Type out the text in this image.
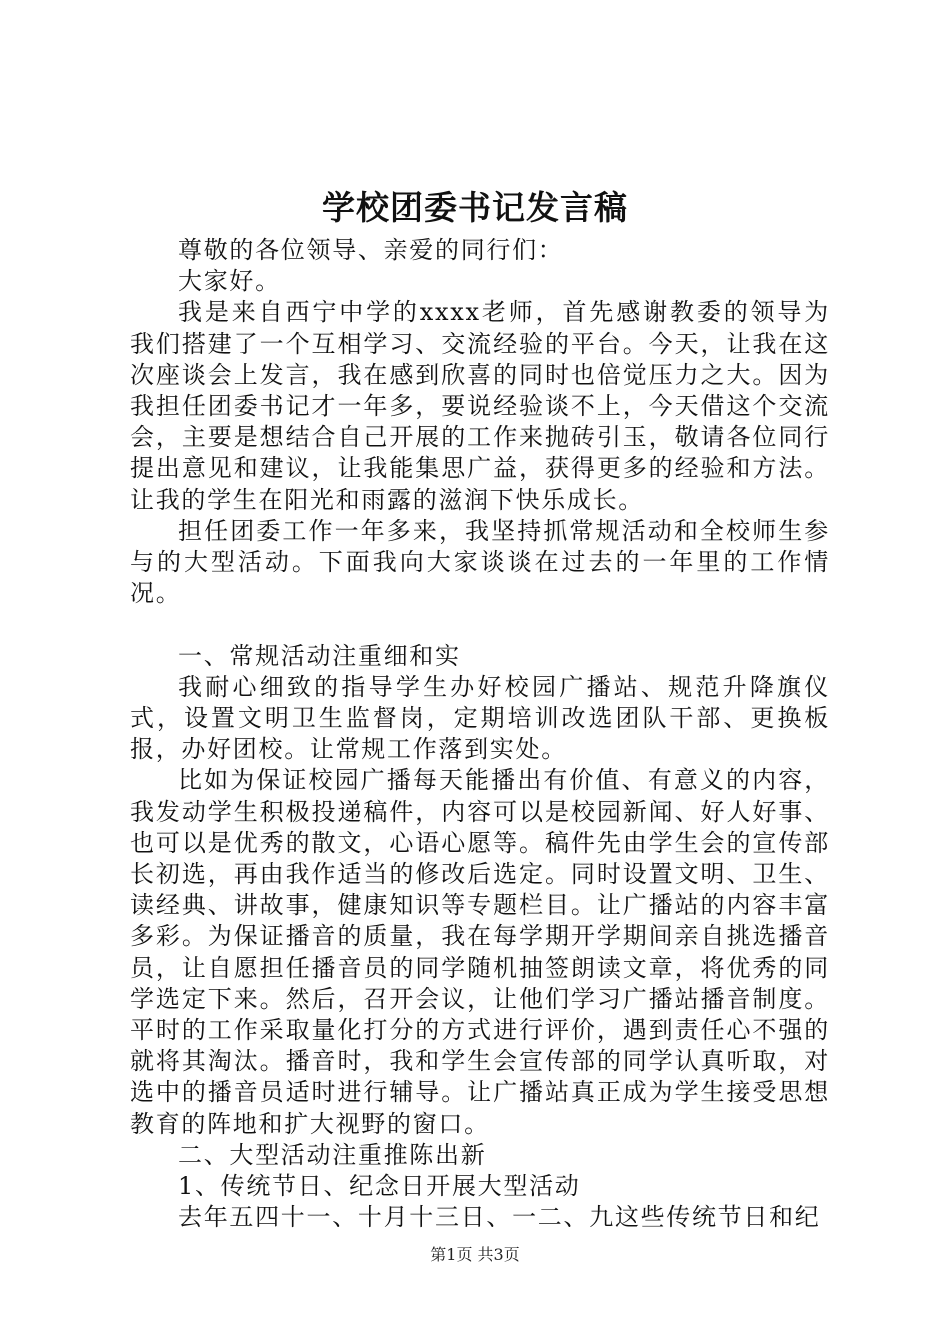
学校团委书记发言稿

尊敬的各位领导、亲爱的同行们：

大家好。

我是来自西宁中学的xxxx老师，首先感谢教委的领导为我们搭建了一个互相学习、交流经验的平台。今天，让我在这次座谈会上发言，我在感到欣喜的同时也倍觉压力之大。因为我担任团委书记才一年多，要说经验谈不上，今天借这个交流会，主要是想结合自己开展的工作来抛砖引玉，敬请各位同行提出意见和建议，让我能集思广益，获得更多的经验和方法。让我的学生在阳光和雨露的滋润下快乐成长。

担任团委工作一年多来，我坚持抓常规活动和全校师生参与的大型活动。下面我向大家谈谈在过去的一年里的工作情况。

一、常规活动注重细和实

我耐心细致的指导学生办好校园广播站、规范升降旗仪式，设置文明卫生监督岗，定期培训改选团队干部、更换板报，办好团校。让常规工作落到实处。

比如为保证校园广播每天能播出有价值、有意义的内容，我发动学生积极投递稿件，内容可以是校园新闻、好人好事、也可以是优秀的散文，心语心愿等。稿件先由学生会的宣传部长初选，再由我作适当的修改后选定。同时设置文明、卫生、读经典、讲故事，健康知识等专题栏目。让广播站的内容丰富多彩。为保证播音的质量，我在每学期开学期间亲自挑选播音员，让自愿担任播音员的同学随机抽签朗读文章，将优秀的同学选定下来。然后，召开会议，让他们学习广播站播音制度。平时的工作采取量化打分的方式进行评价，遇到责任心不强的就将其淘汰。播音时，我和学生会宣传部的同学认真听取，对选中的播音员适时进行辅导。让广播站真正成为学生接受思想教育的阵地和扩大视野的窗口。

二、大型活动注重推陈出新

1、传统节日、纪念日开展大型活动

去年五四十一、十月十三日、一二、九这些传统节日和纪

第1页 共3页
